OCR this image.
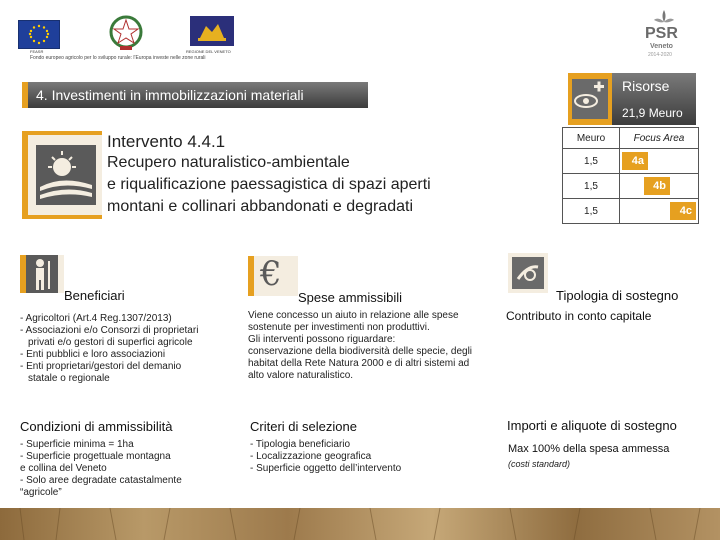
FEASR	REGIONE DEL VENETO
Fondo europeo agricolo per lo sviluppo rurale: l'Europa investe nelle zone rurali
PSR
Veneto
2014-2020
4. Investimenti in immobilizzazioni materiali
Intervento 4.4.1
Recupero naturalistico-ambientale
e riqualificazione paessagistica di spazi aperti
montani e collinari abbandonati e degradati
Risorse
21,9 Meuro
Meuro	Focus Area
1,5	4a

1,5	4b

1,5	4c
Beneficiari
- Agricoltori (Art.4 Reg.1307/2013)
- Associazioni e/o Consorzi di proprietari
privati e/o gestori di superfici agricole
- Enti pubblici e loro associazioni
- Enti proprietari/gestori del demanio
statale o regionale
€
Spese ammissibili
Viene concesso un aiuto in relazione alle spese
sostenute per investimenti non produttivi.
Gli interventi possono riguardare:
conservazione della biodiversità delle specie, degli
habitat della Rete Natura 2000 e di altri sistemi ad
alto valore naturalistico.
Tipologia di sostegno
Contributo in conto capitale
Condizioni di ammissibilità
- Superficie minima = 1ha
- Superficie progettuale montagna
e collina del Veneto
- Solo aree degradate catastalmente
“agricole”
Criteri di selezione
- Tipologia beneficiario
- Localizzazione geografica
- Superficie oggetto dell’intervento
Importi e aliquote di sostegno
Max 100% della spesa ammessa
(costi standard)
